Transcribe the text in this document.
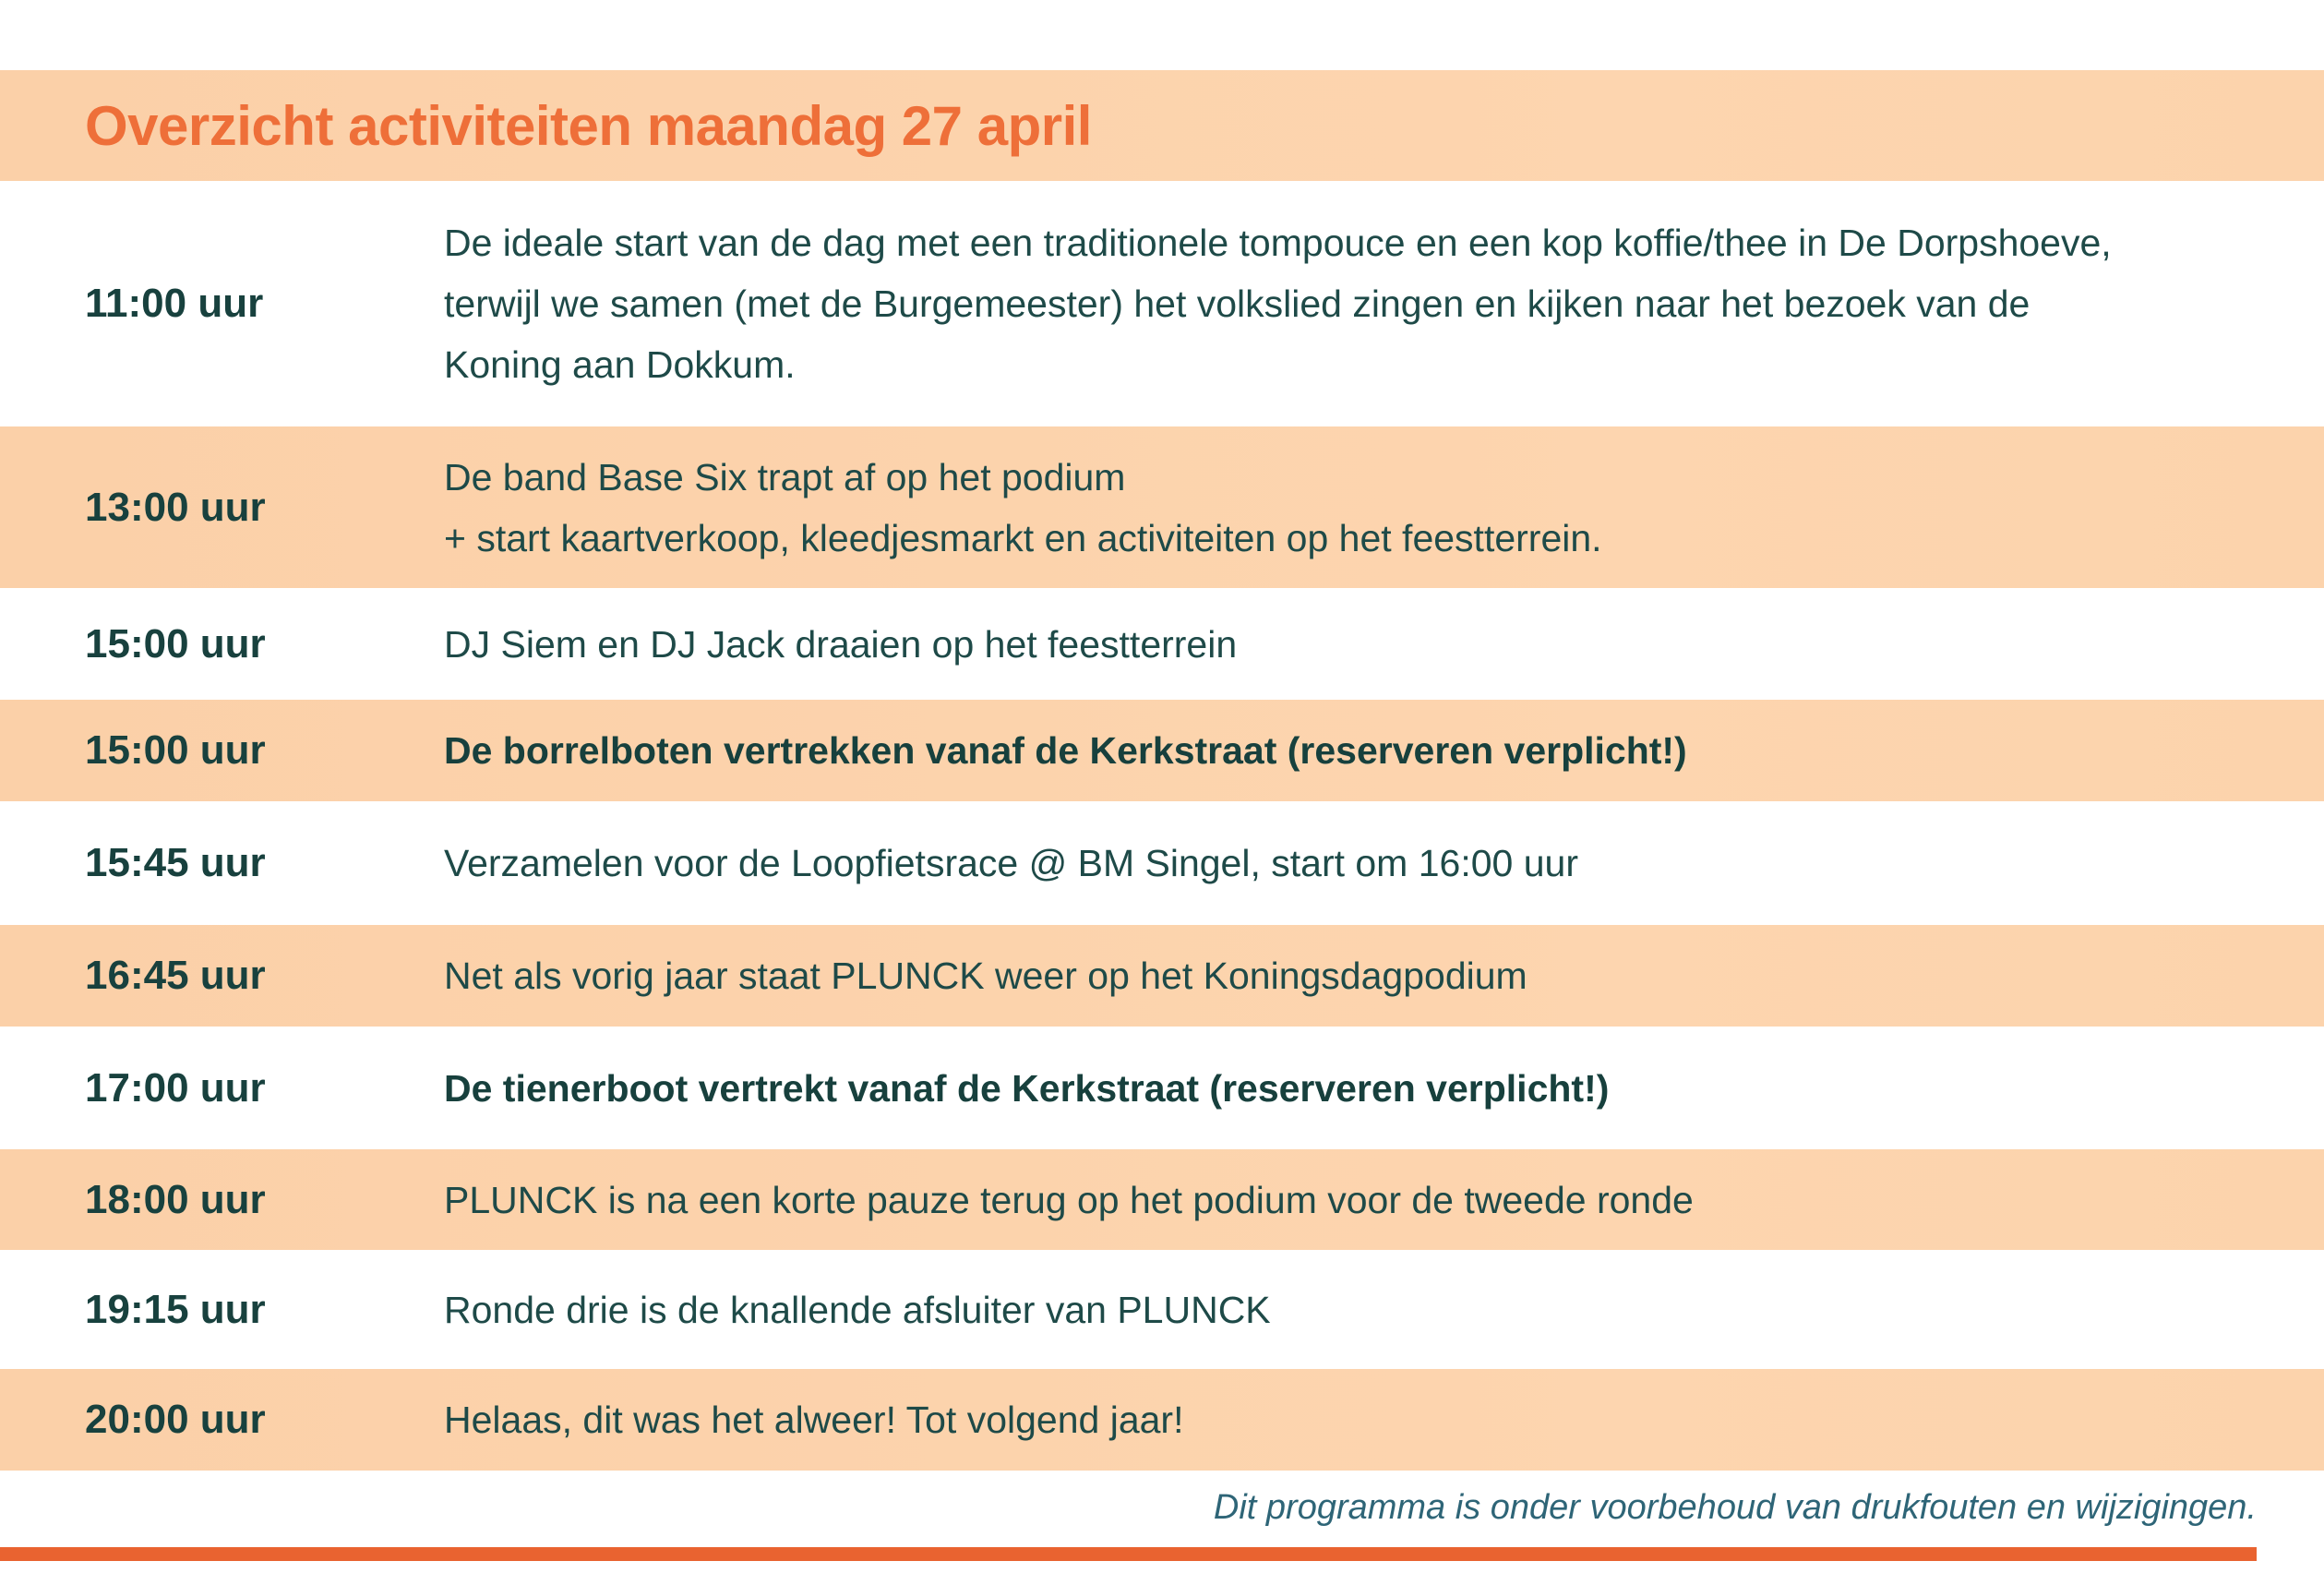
Overzicht activiteiten maandag 27 april
11:00 uur
De ideale start van de dag met een traditionele tompouce en een kop koffie/thee in De Dorpshoeve,
terwijl we samen (met de Burgemeester) het volkslied zingen en kijken naar het bezoek van de
Koning aan Dokkum.
13:00 uur
De band Base Six trapt af op het podium
+ start kaartverkoop, kleedjesmarkt en activiteiten op het feestterrein.
15:00 uur	DJ Siem en DJ Jack draaien op het feestterrein
15:00 uur	De borrelboten vertrekken vanaf de Kerkstraat (reserveren verplicht!)
15:45 uur	Verzamelen voor de Loopfietsrace @ BM Singel, start om 16:00 uur
16:45 uur	Net als vorig jaar staat PLUNCK weer op het Koningsdagpodium
17:00 uur	De tienerboot vertrekt vanaf de Kerkstraat (reserveren verplicht!)
18:00 uur	PLUNCK is na een korte pauze terug op het podium voor de tweede ronde
19:15 uur	Ronde drie is de knallende afsluiter van PLUNCK
20:00 uur	Helaas, dit was het alweer! Tot volgend jaar!
Dit programma is onder voorbehoud van drukfouten en wijzigingen.
